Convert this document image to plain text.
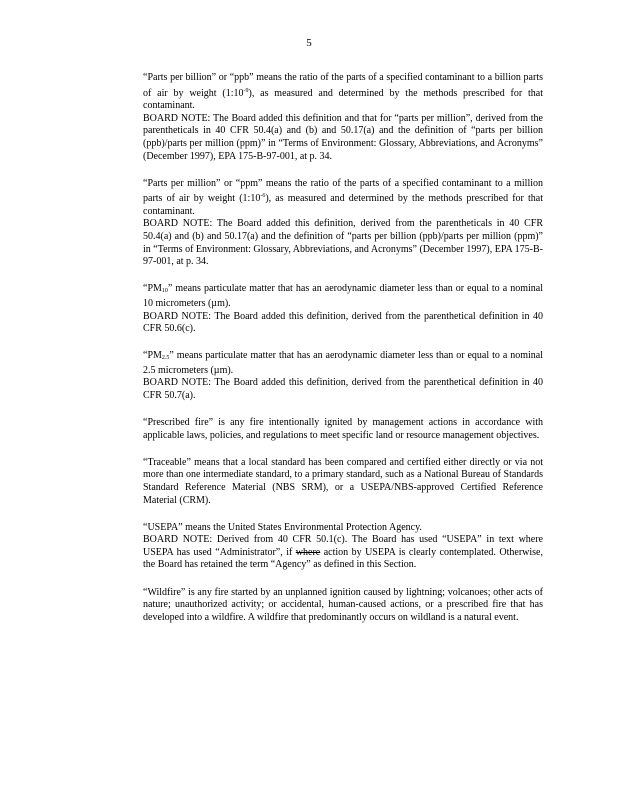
5

“Parts per billion” or “ppb” means the ratio of the parts of a specified contaminant to a billion parts of air by weight $(1:10^{-9})$, as measured and determined by the methods prescribed for that contaminant.

BOARD NOTE: The Board added this definition and that for “parts per million”, derived from the parentheticals in 40 CFR 50.4(a) and (b) and 50.17(a) and the definition of “parts per billion (ppb)/parts per million (ppm)” in “Terms of Environment: Glossary, Abbreviations, and Acronyms” (December 1997), EPA 175-B-97-001, at p. 34.

“Parts per million” or “ppm” means the ratio of the parts of a specified contaminant to a million parts of air by weight $(1:10^{-6})$, as measured and determined by the methods prescribed for that contaminant.

BOARD NOTE: The Board added this definition, derived from the parentheticals in 40 CFR 50.4(a) and (b) and 50.17(a) and the definition of “parts per billion (ppb)/parts per million (ppm)” in “Terms of Environment: Glossary, Abbreviations, and Acronyms” (December 1997), EPA 175-B-97-001, at p. 34.

“PM10” means particulate matter that has an aerodynamic diameter less than or equal to a nominal 10 micrometers (µm).

BOARD NOTE: The Board added this definition, derived from the parenthetical definition in 40 CFR 50.6(c).

“PM2.5” means particulate matter that has an aerodynamic diameter less than or equal to a nominal 2.5 micrometers (µm).

BOARD NOTE: The Board added this definition, derived from the parenthetical definition in 40 CFR 50.7(a).

“Prescribed fire” is any fire intentionally ignited by management actions in accordance with applicable laws, policies, and regulations to meet specific land or resource management objectives.

“Traceable” means that a local standard has been compared and certified either directly or via not more than one intermediate standard, to a primary standard, such as a National Bureau of Standards Standard Reference Material (NBS SRM), or a USEPA/NBS-approved Certified Reference Material (CRM).

“USEPA” means the United States Environmental Protection Agency.

BOARD NOTE: Derived from 40 CFR 50.1(c). The Board has used “USEPA” in text where USEPA has used “Administrator”, if where action by USEPA is clearly contemplated. Otherwise, the Board has retained the term “Agency” as defined in this Section.

“Wildfire” is any fire started by an unplanned ignition caused by lightning; volcanoes; other acts of nature; unauthorized activity; or accidental, human-caused actions, or a prescribed fire that has developed into a wildfire. A wildfire that predominantly occurs on wildland is a natural event.
